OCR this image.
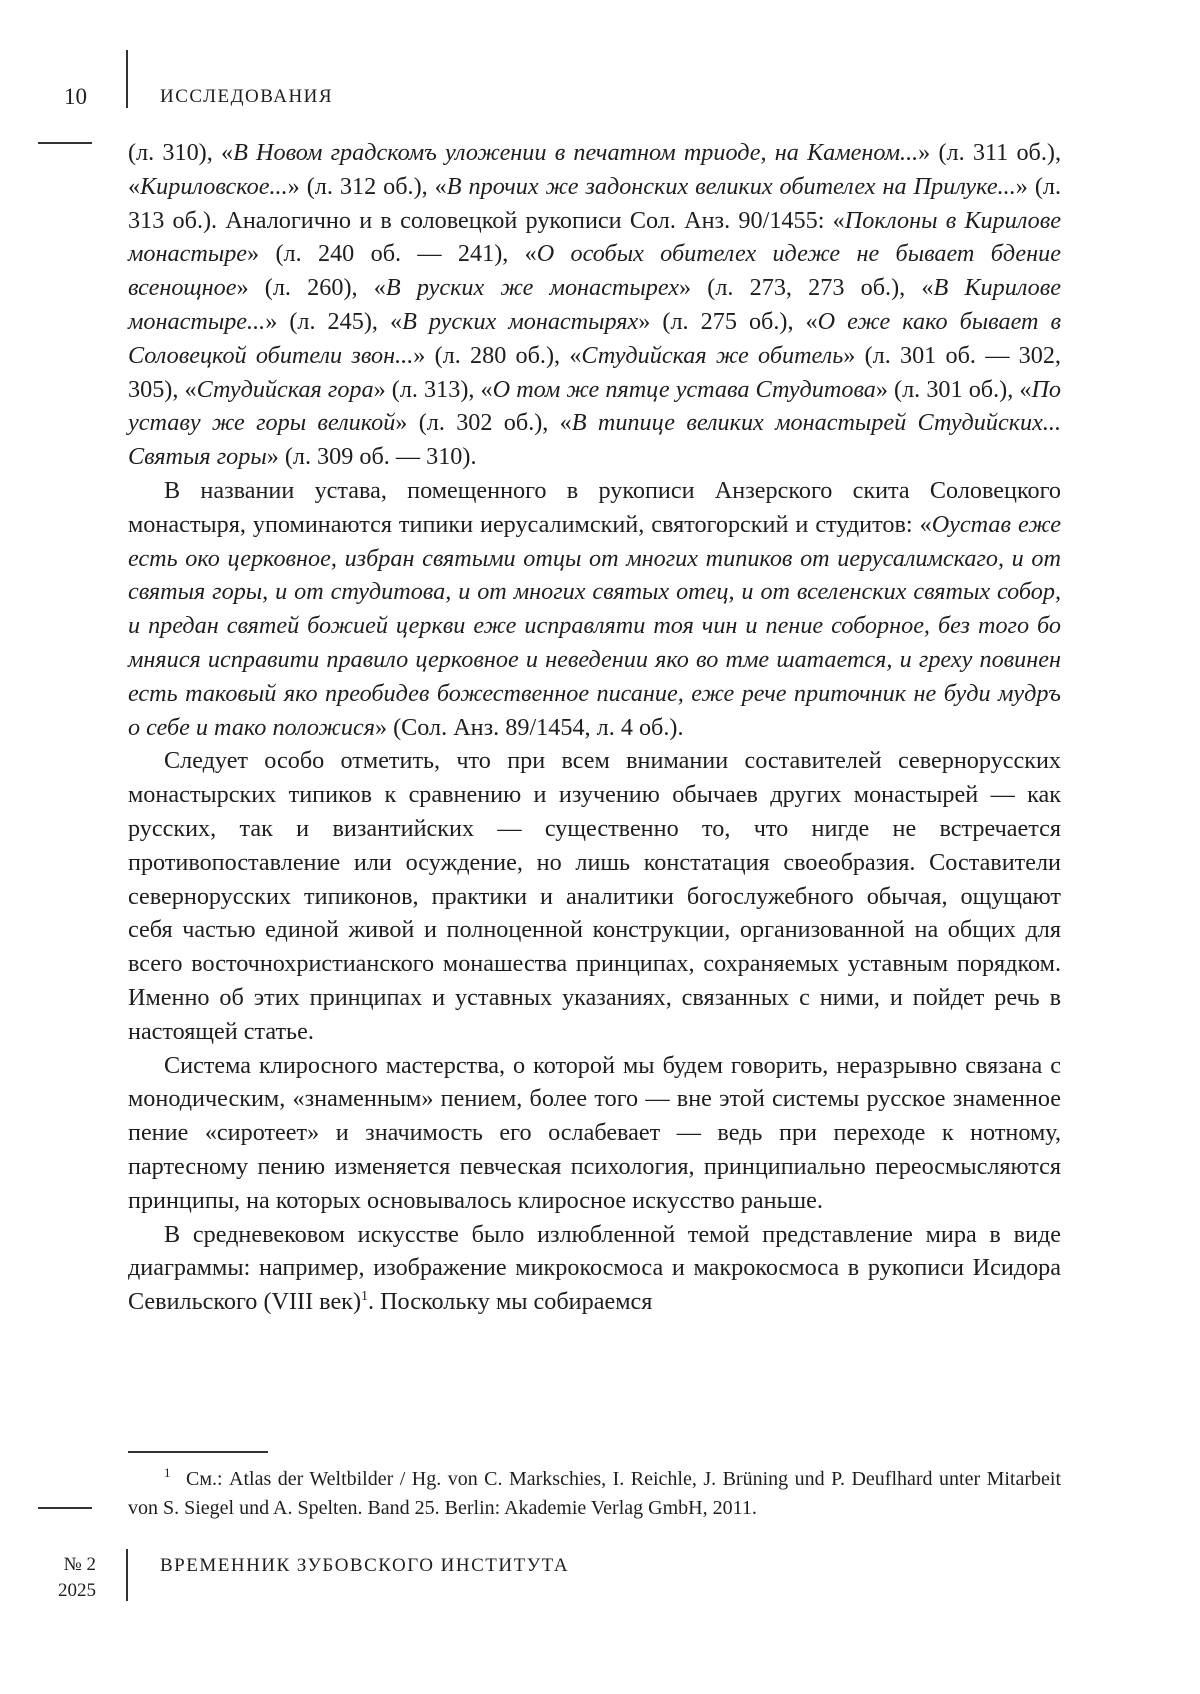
10	ИССЛЕДОВАНИЯ

(л. 310), «В Новом градскомъ уложении в печатном триоде, на Каменом...» (л. 311 об.), «Кириловское...» (л. 312 об.), «В прочих же задонских великих обителех на Прилуке...» (л. 313 об.). Аналогично и в соловецкой рукописи Сол. Анз. 90/1455: «Поклоны в Кирилове монастыре» (л. 240 об. — 241), «О особых обителех идеже не бывает бдение всенощное» (л. 260), «В руских же монастырех» (л. 273, 273 об.), «В Кирилове монастыре...» (л. 245), «В руских монастырях» (л. 275 об.), «О еже како бывает в Соловецкой обители звон...» (л. 280 об.), «Студийская же обитель» (л. 301 об. — 302, 305), «Студийская гора» (л. 313), «О том же пятце устава Студитова» (л. 301 об.), «По уставу же горы великой» (л. 302 об.), «В типице великих монастырей Студийских... Святыя горы» (л. 309 об. — 310).

В названии устава, помещенного в рукописи Анзерского скита Соловецкого монастыря, упоминаются типики иерусалимский, святогорский и студитов: «Оустав еже есть око церковное, избран святыми отцы от многих типиков от иерусалимскаго, и от святыя горы, и от студитова, и от многих святых отец, и от вселенских святых собор, и предан святей божией церкви еже исправляти тоя чин и пение соборное, без того бо мняися исправити правило церковное и неведении яко во тме шатается, и греху повинен есть таковый яко преобидев божественное писание, еже рече приточник не буди мудръ о себе и тако положися» (Сол. Анз. 89/1454, л. 4 об.).

Следует особо отметить, что при всем внимании составителей севернорусских монастырских типиков к сравнению и изучению обычаев других монастырей — как русских, так и византийских — существенно то, что нигде не встречается противопоставление или осуждение, но лишь констатация своеобразия. Составители севернорусских типиконов, практики и аналитики богослужебного обычая, ощущают себя частью единой живой и полноценной конструкции, организованной на общих для всего восточнохристианского монашества принципах, сохраняемых уставным порядком. Именно об этих принципах и уставных указаниях, связанных с ними, и пойдет речь в настоящей статье.

Система клиросного мастерства, о которой мы будем говорить, неразрывно связана с монодическим, «знаменным» пением, более того — вне этой системы русское знаменное пение «сиротеет» и значимость его ослабевает — ведь при переходе к нотному, партесному пению изменяется певческая психология, принципиально переосмысляются принципы, на которых основывалось клиросное искусство раньше.

В средневековом искусстве было излюбленной темой представление мира в виде диаграммы: например, изображение микрокосмоса и макрокосмоса в рукописи Исидора Севильского (VIII век)$^1$. Поскольку мы собираемся

1 См.: Atlas der Weltbilder / Hg. von C. Markschies, I. Reichle, J. Brüning und P. Deuflhard unter Mitarbeit von S. Siegel und A. Spelten. Band 25. Berlin: Akademie Verlag GmbH, 2011.
№ 2
2025
ВРЕМЕННИК ЗУБОВСКОГО ИНСТИТУТА
